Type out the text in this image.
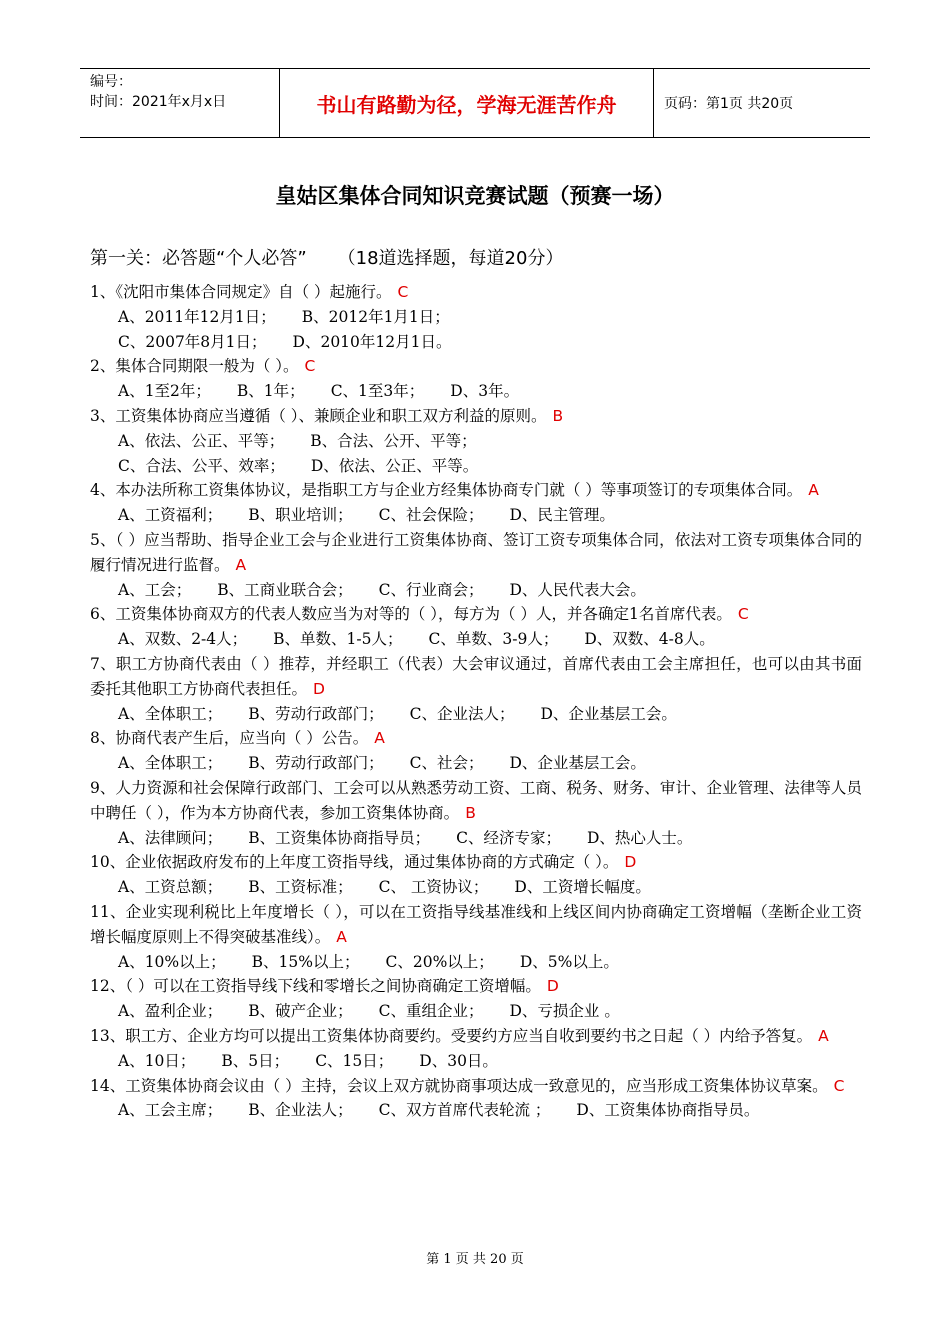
编号：
时间：2021年x月x日	书山有路勤为径，学海无涯苦作舟	页码：第1页 共20页
皇姑区集体合同知识竞赛试题（预赛一场）
第一关：必答题“个人必答” （18道选择题，每道20分）
1、《沈阳市集体合同规定》自（ ）起施行。 C
A、2011年12月1日； B、2012年1月1日；
C、2007年8月1日； D、2010年12月1日。
2、集体合同期限一般为（ ）。 C
A、1至2年； B、1年； C、1至3年； D、3年。
3、工资集体协商应当遵循（ ）、兼顾企业和职工双方利益的原则。 B
A、依法、公正、平等； B、合法、公开、平等；
C、合法、公平、效率； D、依法、公正、平等。
4、本办法所称工资集体协议，是指职工方与企业方经集体协商专门就（ ）等事项签订的专项集体合同。 A
A、工资福利； B、职业培训； C、社会保险； D、民主管理。
5、（ ）应当帮助、指导企业工会与企业进行工资集体协商、签订工资专项集体合同，依法对工资专项集体合同的履行情况进行监督。 A
A、工会； B、工商业联合会； C、行业商会； D、人民代表大会。
6、工资集体协商双方的代表人数应当为对等的（ ），每方为（ ）人，并各确定1名首席代表。 C
A、双数、2-4人； B、单数、1-5人； C、单数、3-9人； D、双数、4-8人。
7、职工方协商代表由（ ）推荐，并经职工（代表）大会审议通过，首席代表由工会主席担任，也可以由其书面委托其他职工方协商代表担任。 D
A、全体职工； B、劳动行政部门； C、企业法人； D、企业基层工会。
8、协商代表产生后，应当向（ ）公告。 A
A、全体职工； B、劳动行政部门； C、社会； D、企业基层工会。
9、人力资源和社会保障行政部门、工会可以从熟悉劳动工资、工商、税务、财务、审计、企业管理、法律等人员中聘任（ ），作为本方协商代表，参加工资集体协商。 B
A、法律顾问； B、工资集体协商指导员； C、经济专家； D、热心人士。
10、企业依据政府发布的上年度工资指导线，通过集体协商的方式确定（ ）。 D
A、工资总额； B、工资标准； C、 工资协议； D、工资增长幅度。
11、企业实现利税比上年度增长（ ），可以在工资指导线基准线和上线区间内协商确定工资增幅（垄断企业工资增长幅度原则上不得突破基准线）。 A
A、10%以上； B、15%以上； C、20%以上； D、5%以上。
12、（ ）可以在工资指导线下线和零增长之间协商确定工资增幅。 D
A、盈利企业； B、破产企业； C、重组企业； D、亏损企业 。
13、职工方、企业方均可以提出工资集体协商要约。受要约方应当自收到要约书之日起（ ）内给予答复。 A
A、10日； B、5日； C、15日； D、30日。
14、工资集体协商会议由（ ）主持，会议上双方就协商事项达成一致意见的，应当形成工资集体协议草案。 C
A、工会主席； B、企业法人； C、双方首席代表轮流 ； D、工资集体协商指导员。
第 1 页 共 20 页
